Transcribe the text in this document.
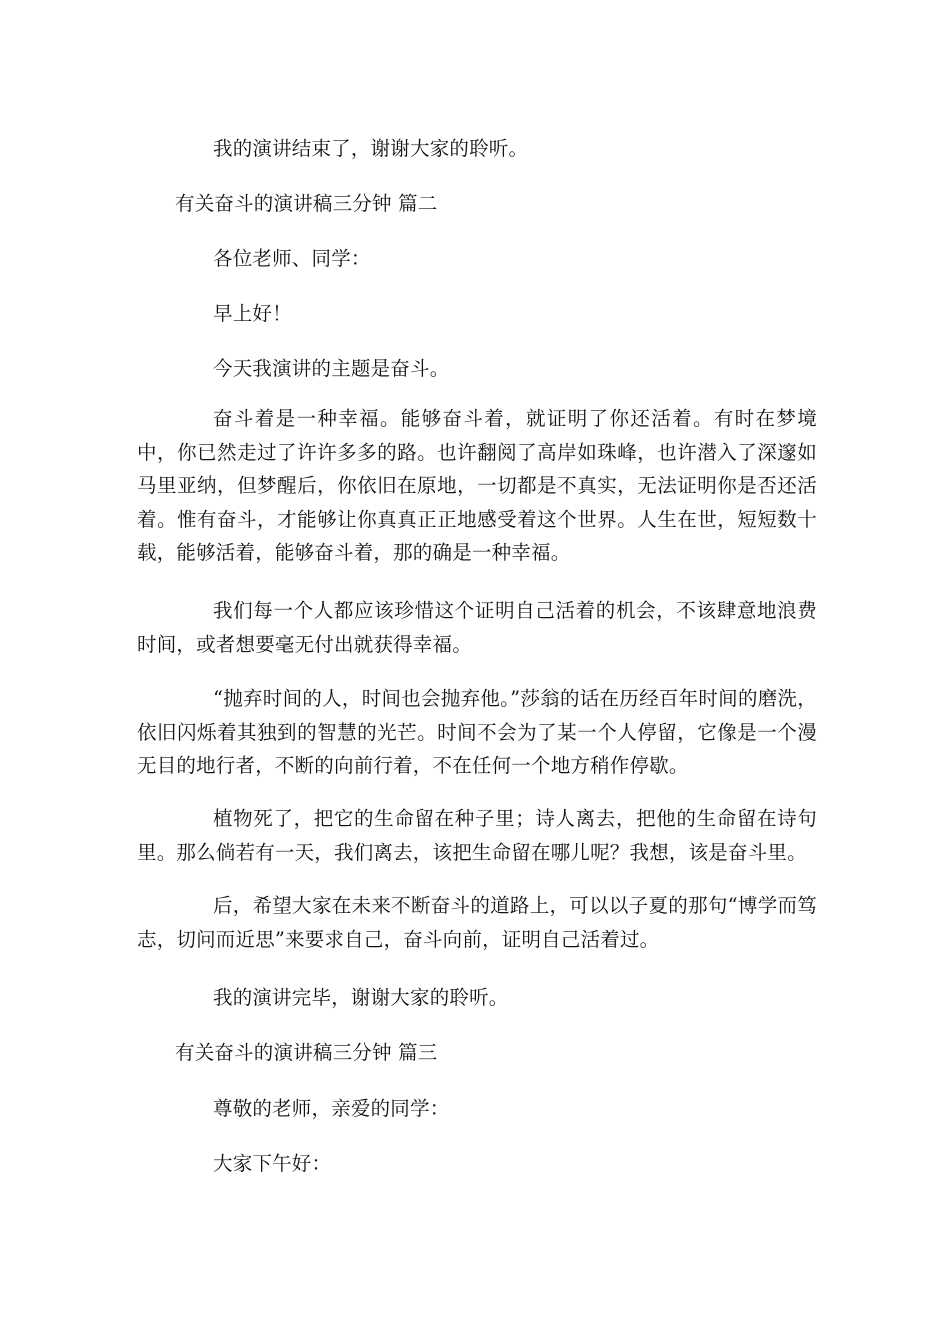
我的演讲结束了，谢谢大家的聆听。
有关奋斗的演讲稿三分钟 篇二
各位老师、同学：
早上好！
今天我演讲的主题是奋斗。

奋斗着是一种幸福。能够奋斗着，就证明了你还活着。有时在梦境中，你已然走过了许许多多的路。也许翻阅了高岸如珠峰，也许潜入了深邃如马里亚纳，但梦醒后，你依旧在原地，一切都是不真实，无法证明你是否还活着。惟有奋斗，才能够让你真真正正地感受着这个世界。人生在世，短短数十载，能够活着，能够奋斗着，那的确是一种幸福。

我们每一个人都应该珍惜这个证明自己活着的机会，不该肆意地浪费时间，或者想要毫无付出就获得幸福。

“抛弃时间的人，时间也会抛弃他。”莎翁的话在历经百年时间的磨洗，依旧闪烁着其独到的智慧的光芒。时间不会为了某一个人停留，它像是一个漫无目的地行者，不断的向前行着，不在任何一个地方稍作停歇。

植物死了，把它的生命留在种子里；诗人离去，把他的生命留在诗句里。那么倘若有一天，我们离去，该把生命留在哪儿呢？我想，该是奋斗里。

后，希望大家在未来不断奋斗的道路上，可以以子夏的那句“博学而笃志，切问而近思”来要求自己，奋斗向前，证明自己活着过。

我的演讲完毕，谢谢大家的聆听。
有关奋斗的演讲稿三分钟 篇三
尊敬的老师，亲爱的同学：
大家下午好：
